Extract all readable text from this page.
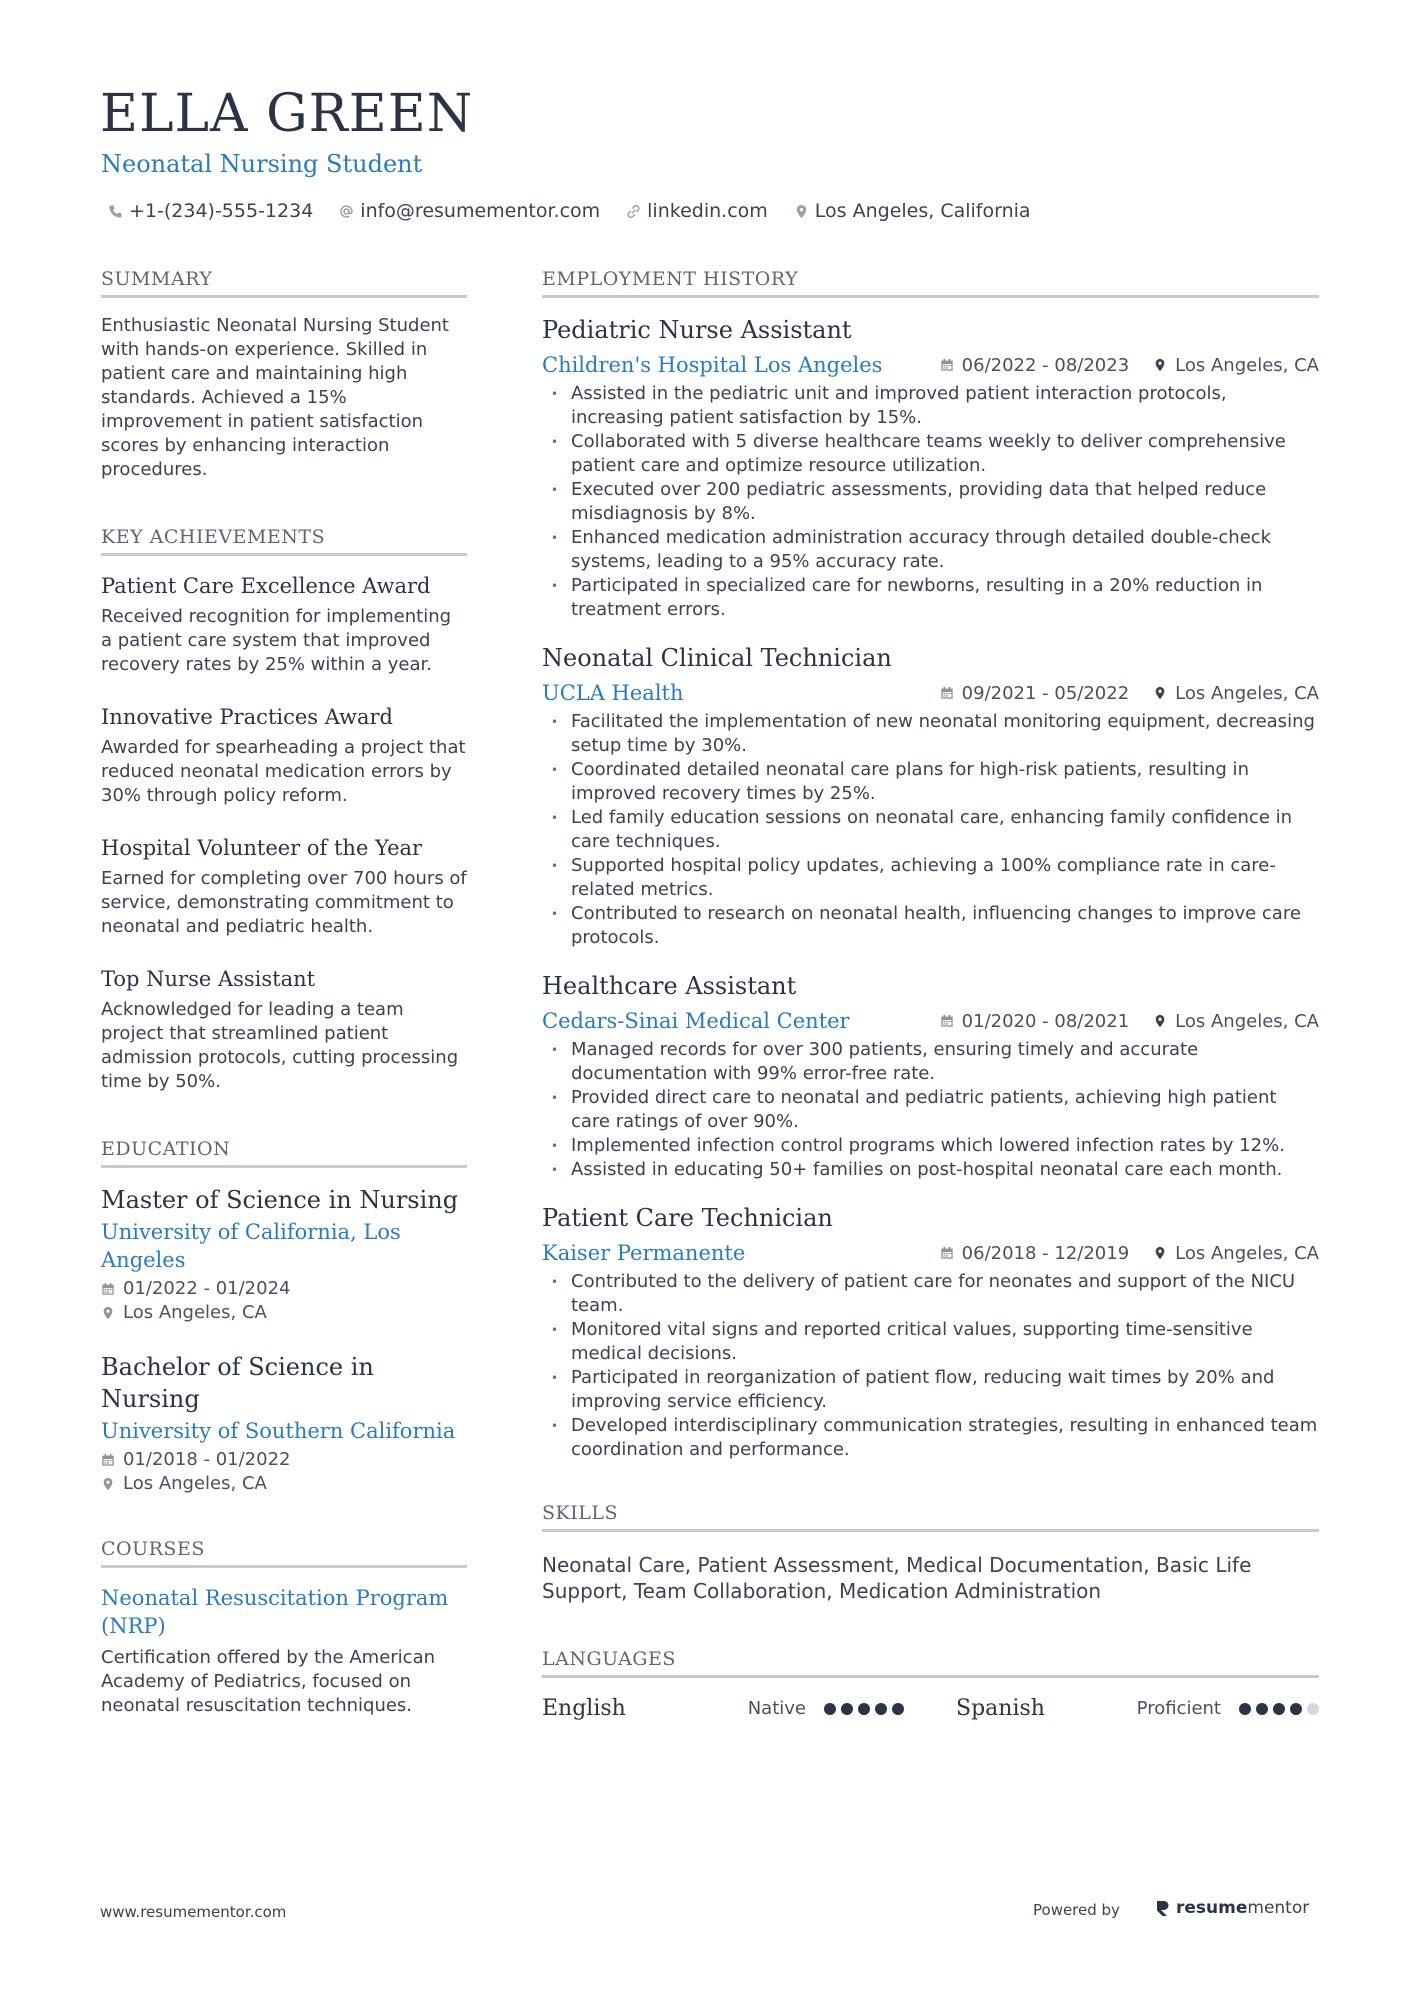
ELLA GREEN
Neonatal Nursing Student
+1-(234)-555-1234 info@resumementor.com linkedin.com Los Angeles, California
SUMMARY

Enthusiastic Neonatal Nursing Student with hands-on experience. Skilled in patient care and maintaining high standards. Achieved a 15% improvement in patient satisfaction scores by enhancing interaction procedures.

KEY ACHIEVEMENTS
Patient Care Excellence Award

Received recognition for implementing a patient care system that improved recovery rates by 25% within a year.

Innovative Practices Award

Awarded for spearheading a project that reduced neonatal medication errors by 30% through policy reform.

Hospital Volunteer of the Year

Earned for completing over 700 hours of service, demonstrating commitment to neonatal and pediatric health.

Top Nurse Assistant

Acknowledged for leading a team project that streamlined patient admission protocols, cutting processing time by 50%.

EDUCATION
Master of Science in Nursing
University of California, Los Angeles
01/2022 - 01/2024
Los Angeles, CA
Bachelor of Science in Nursing
University of Southern California
01/2018 - 01/2022
Los Angeles, CA
COURSES
Neonatal Resuscitation Program (NRP)

Certification offered by the American Academy of Pediatrics, focused on neonatal resuscitation techniques.

EMPLOYMENT HISTORY
Pediatric Nurse Assistant
Children's Hospital Los Angeles	06/2022 - 08/2023	Los Angeles, CA
• Assisted in the pediatric unit and improved patient interaction protocols, increasing patient satisfaction by 15%.
• Collaborated with 5 diverse healthcare teams weekly to deliver comprehensive patient care and optimize resource utilization.
• Executed over 200 pediatric assessments, providing data that helped reduce misdiagnosis by 8%.
• Enhanced medication administration accuracy through detailed double-check systems, leading to a 95% accuracy rate.
• Participated in specialized care for newborns, resulting in a 20% reduction in treatment errors.
Neonatal Clinical Technician
UCLA Health	09/2021 - 05/2022	Los Angeles, CA
• Facilitated the implementation of new neonatal monitoring equipment, decreasing setup time by 30%.
• Coordinated detailed neonatal care plans for high-risk patients, resulting in improved recovery times by 25%.
• Led family education sessions on neonatal care, enhancing family confidence in care techniques.
• Supported hospital policy updates, achieving a 100% compliance rate in care-related metrics.
• Contributed to research on neonatal health, influencing changes to improve care protocols.
Healthcare Assistant
Cedars-Sinai Medical Center	01/2020 - 08/2021	Los Angeles, CA
• Managed records for over 300 patients, ensuring timely and accurate documentation with 99% error-free rate.
• Provided direct care to neonatal and pediatric patients, achieving high patient care ratings of over 90%.
• Implemented infection control programs which lowered infection rates by 12%.
• Assisted in educating 50+ families on post-hospital neonatal care each month.
Patient Care Technician
Kaiser Permanente	06/2018 - 12/2019	Los Angeles, CA
• Contributed to the delivery of patient care for neonates and support of the NICU team.
• Monitored vital signs and reported critical values, supporting time-sensitive medical decisions.
• Participated in reorganization of patient flow, reducing wait times by 20% and improving service efficiency.
• Developed interdisciplinary communication strategies, resulting in enhanced team coordination and performance.
SKILLS

Neonatal Care, Patient Assessment, Medical Documentation, Basic Life Support, Team Collaboration, Medication Administration

LANGUAGES
English	Native	Spanish	Proficient
www.resumementor.com	Powered by	resumementor
